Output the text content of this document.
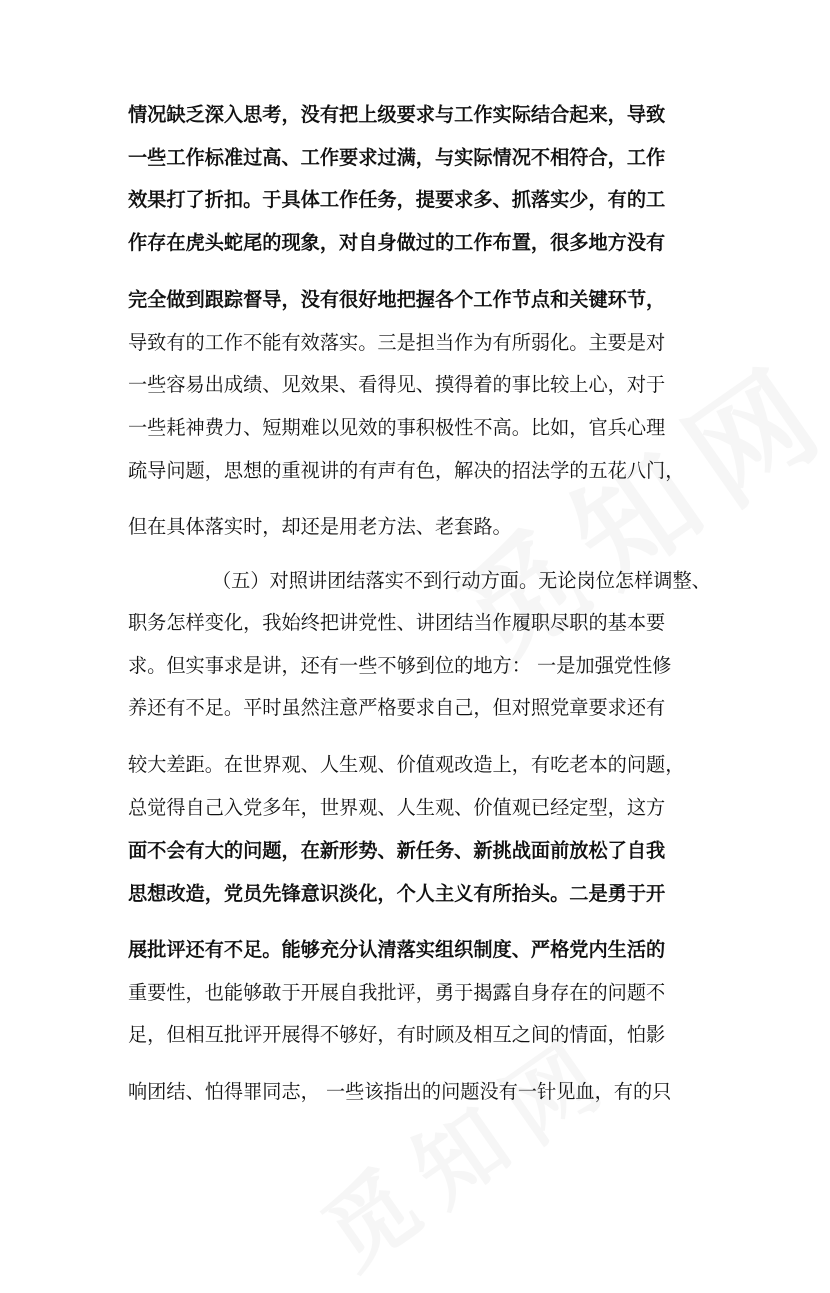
情况缺乏深入思考，没有把上级要求与工作实际结合起来，导致
一些工作标准过高、工作要求过满，与实际情况不相符合，工作
效果打了折扣。于具体工作任务，提要求多、抓落实少，有的工
作存在虎头蛇尾的现象，对自身做过的工作布置，很多地方没有
完全做到跟踪督导，没有很好地把握各个工作节点和关键环节，
导致有的工作不能有效落实。三是担当作为有所弱化。主要是对
一些容易出成绩、见效果、看得见、摸得着的事比较上心，对于
一些耗神费力、短期难以见效的事积极性不高。比如，官兵心理
疏导问题，思想的重视讲的有声有色，解决的招法学的五花八门，
但在具体落实时，却还是用老方法、老套路。
（五）对照讲团结落实不到行动方面。无论岗位怎样调整、
职务怎样变化，我始终把讲党性、讲团结当作履职尽职的基本要
求。但实事求是讲，还有一些不够到位的地方： 一是加强党性修
养还有不足。平时虽然注意严格要求自己，但对照党章要求还有
较大差距。在世界观、人生观、价值观改造上，有吃老本的问题，
总觉得自己入党多年，世界观、人生观、价值观已经定型，这方
面不会有大的问题，在新形势、新任务、新挑战面前放松了自我
思想改造，党员先锋意识淡化，个人主义有所抬头。二是勇于开
展批评还有不足。能够充分认清落实组织制度、严格党内生活的
重要性，也能够敢于开展自我批评，勇于揭露自身存在的问题不
足，但相互批评开展得不够好，有时顾及相互之间的情面，怕影
响团结、怕得罪同志， 一些该指出的问题没有一针见血，有的只
